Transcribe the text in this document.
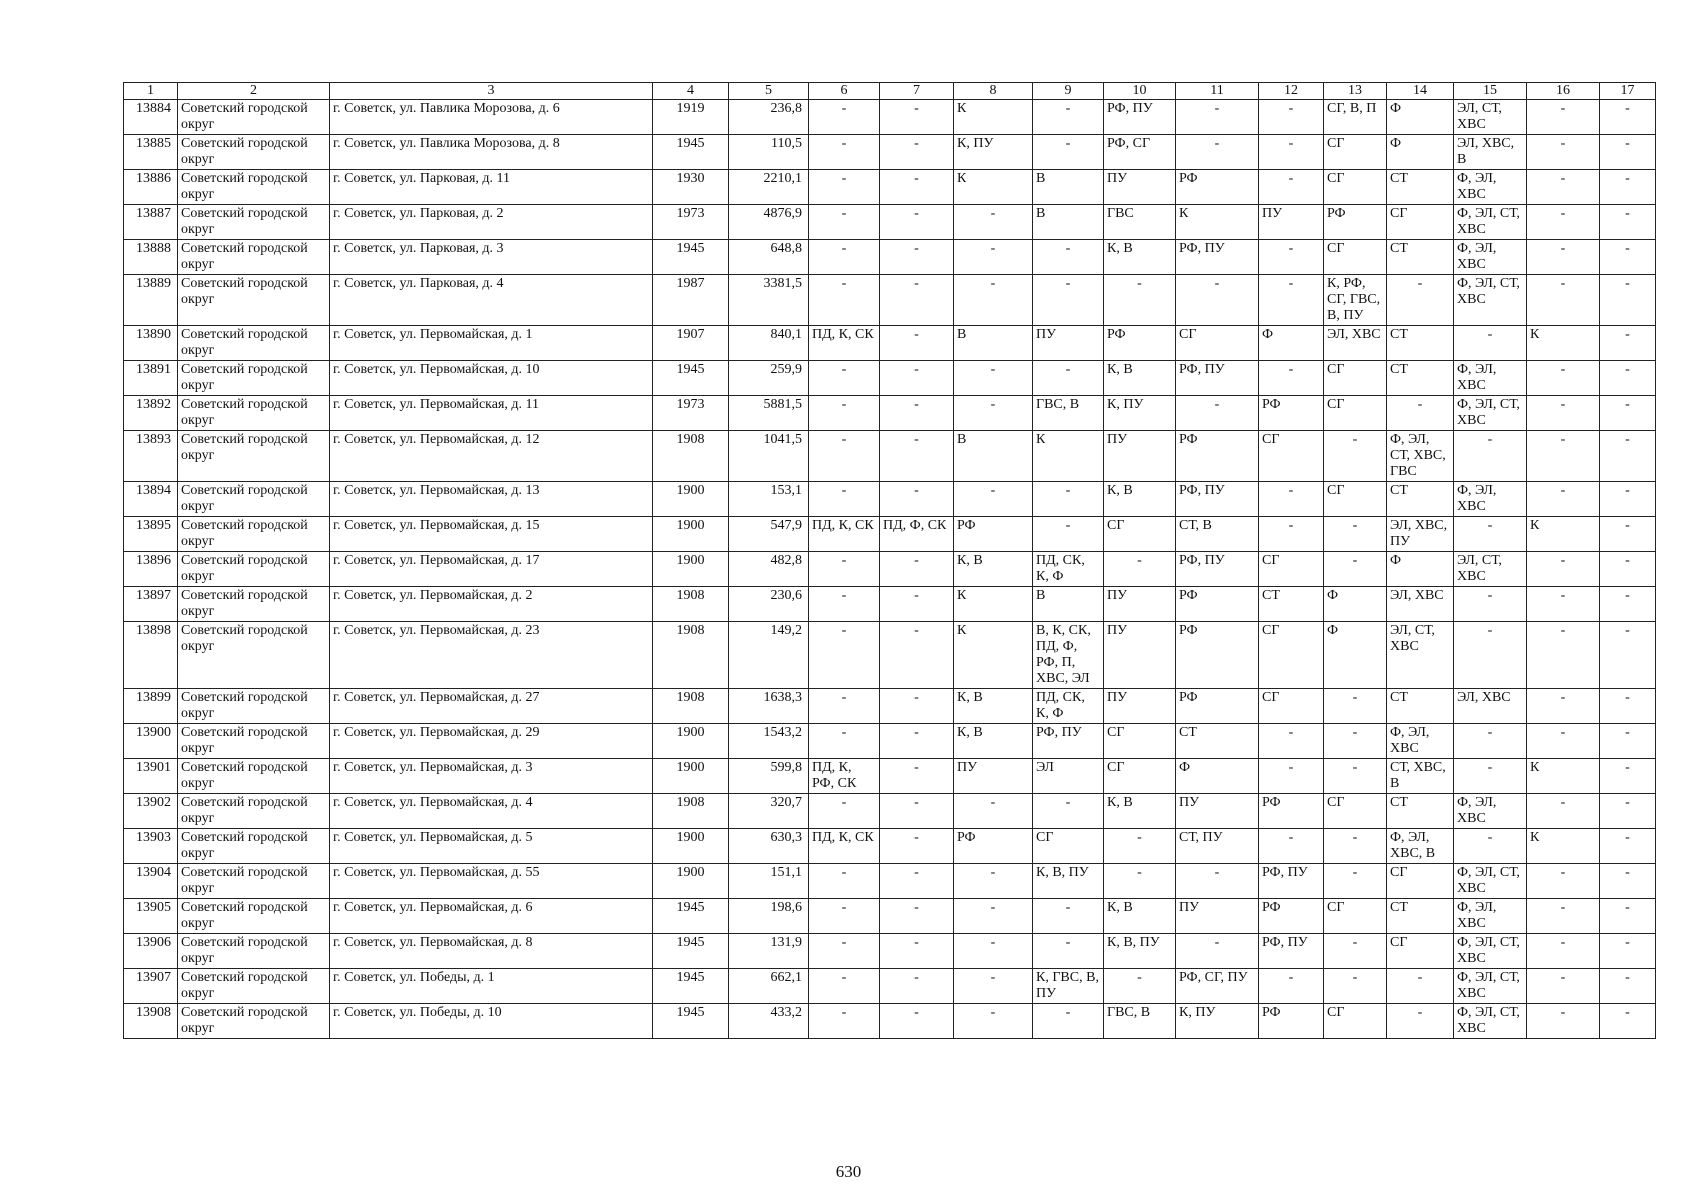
1	2	3	4	5	6	7	8	9	10	11	12	13	14	15	16	17
13884	Советский городской округ	г. Советск, ул. Павлика Морозова, д. 6	1919	236,8	-	-	К	-	РФ, ПУ	-	-	СГ, В, П	Ф	ЭЛ, СТ, ХВС	-	-
13885	Советский городской округ	г. Советск, ул. Павлика Морозова, д. 8	1945	110,5	-	-	К, ПУ	-	РФ, СГ	-	-	СГ	Ф	ЭЛ, ХВС, В	-	-
13886	Советский городской округ	г. Советск, ул. Парковая, д. 11	1930	2210,1	-	-	К	В	ПУ	РФ	-	СГ	СТ	Ф, ЭЛ, ХВС	-	-
13887	Советский городской округ	г. Советск, ул. Парковая, д. 2	1973	4876,9	-	-	-	В	ГВС	К	ПУ	РФ	СГ	Ф, ЭЛ, СТ, ХВС	-	-
13888	Советский городской округ	г. Советск, ул. Парковая, д. 3	1945	648,8	-	-	-	-	К, В	РФ, ПУ	-	СГ	СТ	Ф, ЭЛ, ХВС	-	-
13889	Советский городской округ	г. Советск, ул. Парковая, д. 4	1987	3381,5	-	-	-	-	-	-	-	К, РФ, СГ, ГВС, В, ПУ	-	Ф, ЭЛ, СТ, ХВС	-	-
13890	Советский городской округ	г. Советск, ул. Первомайская, д. 1	1907	840,1	ПД, К, СК	-	В	ПУ	РФ	СГ	Ф	ЭЛ, ХВС	СТ	-	К	-
13891	Советский городской округ	г. Советск, ул. Первомайская, д. 10	1945	259,9	-	-	-	-	К, В	РФ, ПУ	-	СГ	СТ	Ф, ЭЛ, ХВС	-	-
13892	Советский городской округ	г. Советск, ул. Первомайская, д. 11	1973	5881,5	-	-	-	ГВС, В	К, ПУ	-	РФ	СГ	-	Ф, ЭЛ, СТ, ХВС	-	-
13893	Советский городской округ	г. Советск, ул. Первомайская, д. 12	1908	1041,5	-	-	В	К	ПУ	РФ	СГ	-	Ф, ЭЛ, СТ, ХВС, ГВС	-	-	-
13894	Советский городской округ	г. Советск, ул. Первомайская, д. 13	1900	153,1	-	-	-	-	К, В	РФ, ПУ	-	СГ	СТ	Ф, ЭЛ, ХВС	-	-
13895	Советский городской округ	г. Советск, ул. Первомайская, д. 15	1900	547,9	ПД, К, СК	ПД, Ф, СК	РФ	-	СГ	СТ, В	-	-	ЭЛ, ХВС, ПУ	-	К	-
13896	Советский городской округ	г. Советск, ул. Первомайская, д. 17	1900	482,8	-	-	К, В	ПД, СК, К, Ф	-	РФ, ПУ	СГ	-	Ф	ЭЛ, СТ, ХВС	-	-
13897	Советский городской округ	г. Советск, ул. Первомайская, д. 2	1908	230,6	-	-	К	В	ПУ	РФ	СТ	Ф	ЭЛ, ХВС	-	-	-
13898	Советский городской округ	г. Советск, ул. Первомайская, д. 23	1908	149,2	-	-	К	В, К, СК, ПД, Ф, РФ, П, ХВС, ЭЛ	ПУ	РФ	СГ	Ф	ЭЛ, СТ, ХВС	-	-	-
13899	Советский городской округ	г. Советск, ул. Первомайская, д. 27	1908	1638,3	-	-	К, В	ПД, СК, К, Ф	ПУ	РФ	СГ	-	СТ	ЭЛ, ХВС	-	-
13900	Советский городской округ	г. Советск, ул. Первомайская, д. 29	1900	1543,2	-	-	К, В	РФ, ПУ	СГ	СТ	-	-	Ф, ЭЛ, ХВС	-	-	-
13901	Советский городской округ	г. Советск, ул. Первомайская, д. 3	1900	599,8	ПД, К, РФ, СК	-	ПУ	ЭЛ	СГ	Ф	-	-	СТ, ХВС, В	-	К	-
13902	Советский городской округ	г. Советск, ул. Первомайская, д. 4	1908	320,7	-	-	-	-	К, В	ПУ	РФ	СГ	СТ	Ф, ЭЛ, ХВС	-	-
13903	Советский городской округ	г. Советск, ул. Первомайская, д. 5	1900	630,3	ПД, К, СК	-	РФ	СГ	-	СТ, ПУ	-	-	Ф, ЭЛ, ХВС, В	-	К	-
13904	Советский городской округ	г. Советск, ул. Первомайская, д. 55	1900	151,1	-	-	-	К, В, ПУ	-	-	РФ, ПУ	-	СГ	Ф, ЭЛ, СТ, ХВС	-	-
13905	Советский городской округ	г. Советск, ул. Первомайская, д. 6	1945	198,6	-	-	-	-	К, В	ПУ	РФ	СГ	СТ	Ф, ЭЛ, ХВС	-	-
13906	Советский городской округ	г. Советск, ул. Первомайская, д. 8	1945	131,9	-	-	-	-	К, В, ПУ	-	РФ, ПУ	-	СГ	Ф, ЭЛ, СТ, ХВС	-	-
13907	Советский городской округ	г. Советск, ул. Победы, д. 1	1945	662,1	-	-	-	К, ГВС, В, ПУ	-	РФ, СГ, ПУ	-	-	-	Ф, ЭЛ, СТ, ХВС	-	-
13908	Советский городской округ	г. Советск, ул. Победы, д. 10	1945	433,2	-	-	-	-	ГВС, В	К, ПУ	РФ	СГ	-	Ф, ЭЛ, СТ, ХВС	-	-
630
